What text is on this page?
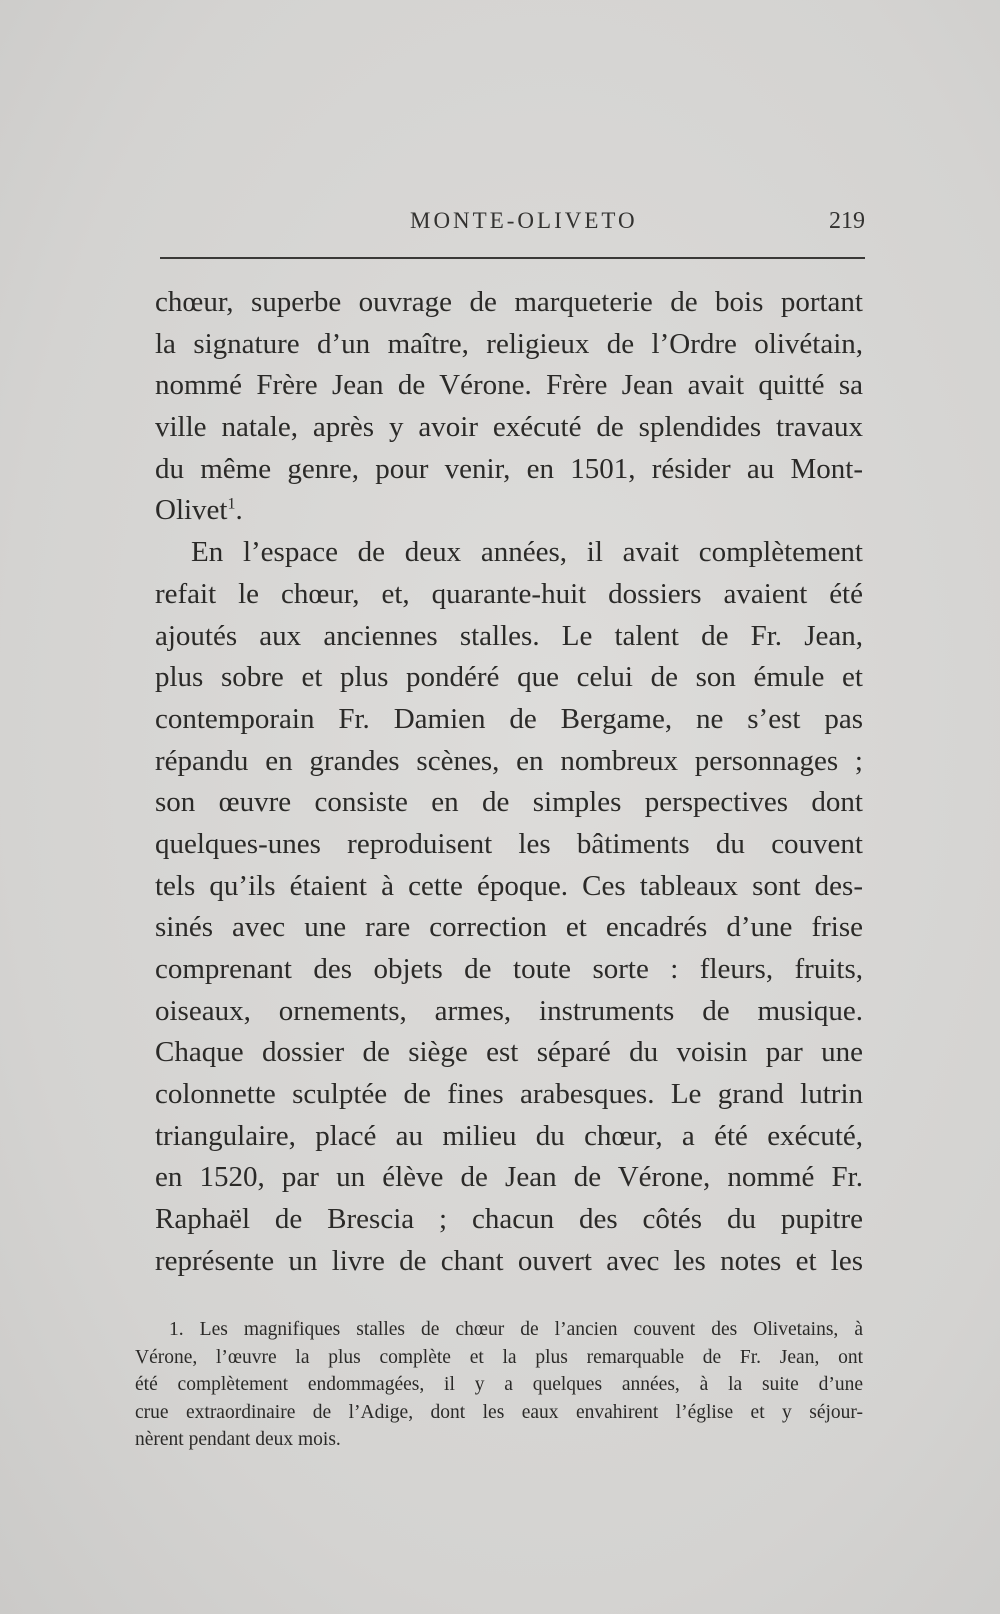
MONTE-OLIVETO	219
chœur, superbe ouvrage de marqueterie de bois portant
la signature d’un maître, religieux de l’Ordre olivétain,
nommé Frère Jean de Vérone. Frère Jean avait quitté sa
ville natale, après y avoir exécuté de splendides travaux
du même genre, pour venir, en 1501, résider au Mont-
Olivet$^1$.
En l’espace de deux années, il avait complètement
refait le chœur, et, quarante-huit dossiers avaient été
ajoutés aux anciennes stalles. Le talent de Fr. Jean,
plus sobre et plus pondéré que celui de son émule et
contemporain Fr. Damien de Bergame, ne s’est pas
répandu en grandes scènes, en nombreux personnages ;
son œuvre consiste en de simples perspectives dont
quelques-unes reproduisent les bâtiments du couvent
tels qu’ils étaient à cette époque. Ces tableaux sont des-
sinés avec une rare correction et encadrés d’une frise
comprenant des objets de toute sorte : fleurs, fruits,
oiseaux, ornements, armes, instruments de musique.
Chaque dossier de siège est séparé du voisin par une
colonnette sculptée de fines arabesques. Le grand lutrin
triangulaire, placé au milieu du chœur, a été exécuté,
en 1520, par un élève de Jean de Vérone, nommé Fr.
Raphaël de Brescia ; chacun des côtés du pupitre
représente un livre de chant ouvert avec les notes et les
1. Les magnifiques stalles de chœur de l’ancien couvent des Olivetains, à
Vérone, l’œuvre la plus complète et la plus remarquable de Fr. Jean, ont
été complètement endommagées, il y a quelques années, à la suite d’une
crue extraordinaire de l’Adige, dont les eaux envahirent l’église et y séjour-
nèrent pendant deux mois.
